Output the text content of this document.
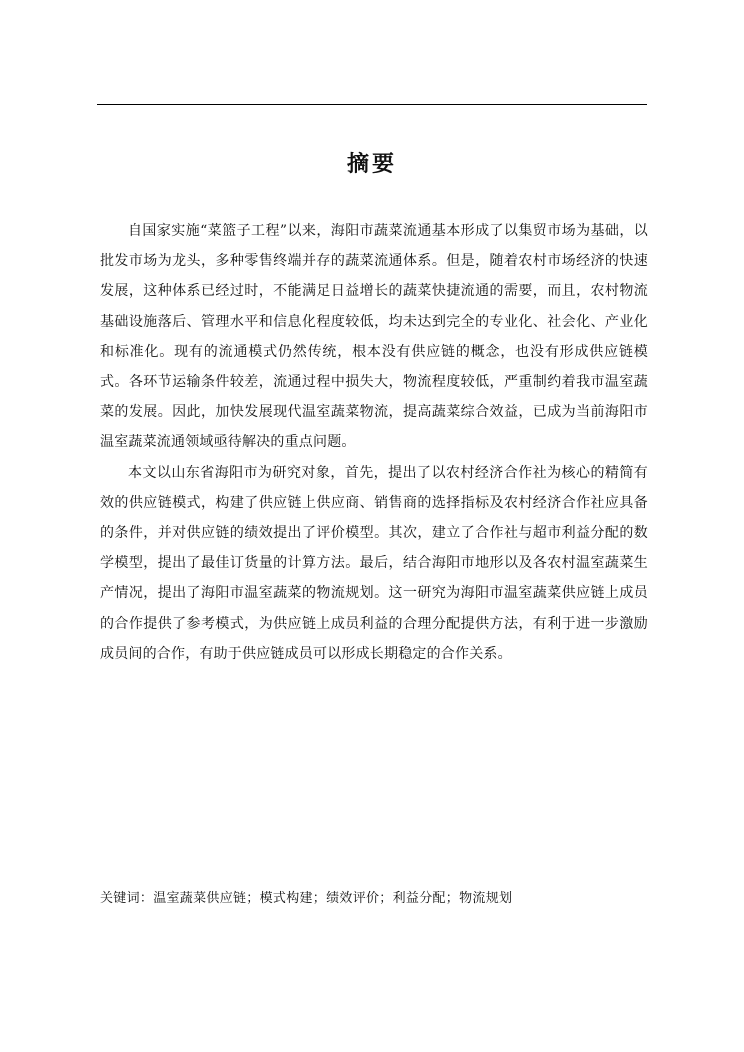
摘要

自国家实施“菜篮子工程”以来，海阳市蔬菜流通基本形成了以集贸市场为基础，以批发市场为龙头，多种零售终端并存的蔬菜流通体系。但是，随着农村市场经济的快速发展，这种体系已经过时，不能满足日益增长的蔬菜快捷流通的需要，而且，农村物流基础设施落后、管理水平和信息化程度较低，均未达到完全的专业化、社会化、产业化和标准化。现有的流通模式仍然传统，根本没有供应链的概念，也没有形成供应链模式。各环节运输条件较差，流通过程中损失大，物流程度较低，严重制约着我市温室蔬菜的发展。因此，加快发展现代温室蔬菜物流，提高蔬菜综合效益，已成为当前海阳市温室蔬菜流通领域亟待解决的重点问题。

本文以山东省海阳市为研究对象，首先，提出了以农村经济合作社为核心的精简有效的供应链模式，构建了供应链上供应商、销售商的选择指标及农村经济合作社应具备的条件，并对供应链的绩效提出了评价模型。其次，建立了合作社与超市利益分配的数学模型，提出了最佳订货量的计算方法。最后，结合海阳市地形以及各农村温室蔬菜生产情况，提出了海阳市温室蔬菜的物流规划。这一研究为海阳市温室蔬菜供应链上成员的合作提供了参考模式，为供应链上成员利益的合理分配提供方法，有利于进一步激励成员间的合作，有助于供应链成员可以形成长期稳定的合作关系。

关键词：温室蔬菜供应链；模式构建；绩效评价；利益分配；物流规划
